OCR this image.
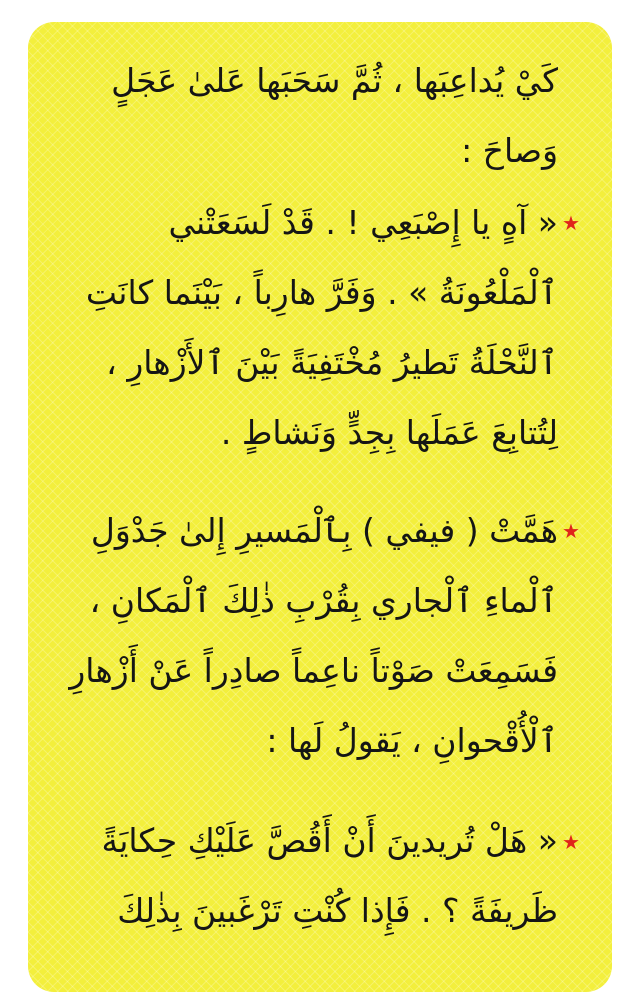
كَيْ يُداعِبَها ، ثُمَّ سَحَبَها عَلىٰ عَجَلٍ
وَصاحَ :
★
« آهٍ يا إِصْبَعِي ! . قَدْ لَسَعَتْني
ٱلْمَلْعُونَةُ » . وَفَرَّ هارِباً ، بَيْنَما كانَتِ
ٱلنَّحْلَةُ تَطيرُ مُخْتَفِيَةً بَيْنَ ٱلأَزْهارِ ،
لِتُتابِعَ عَمَلَها بِجِدٍّ وَنَشاطٍ .
★
هَمَّتْ ( فيفي ) بِٱلْمَسيرِ إِلىٰ جَدْوَلِ
ٱلْماءِ ٱلْجاري بِقُرْبِ ذٰلِكَ ٱلْمَكانِ ،
فَسَمِعَتْ صَوْتاً ناعِماً صادِراً عَنْ أَزْهارِ
ٱلْأُقْحوانِ ، يَقولُ لَها :
★
« هَلْ تُريدينَ أَنْ أَقُصَّ عَلَيْكِ حِكايَةً
ظَريفَةً ؟ . فَإِذا كُنْتِ تَرْغَبينَ بِذٰلِكَ
